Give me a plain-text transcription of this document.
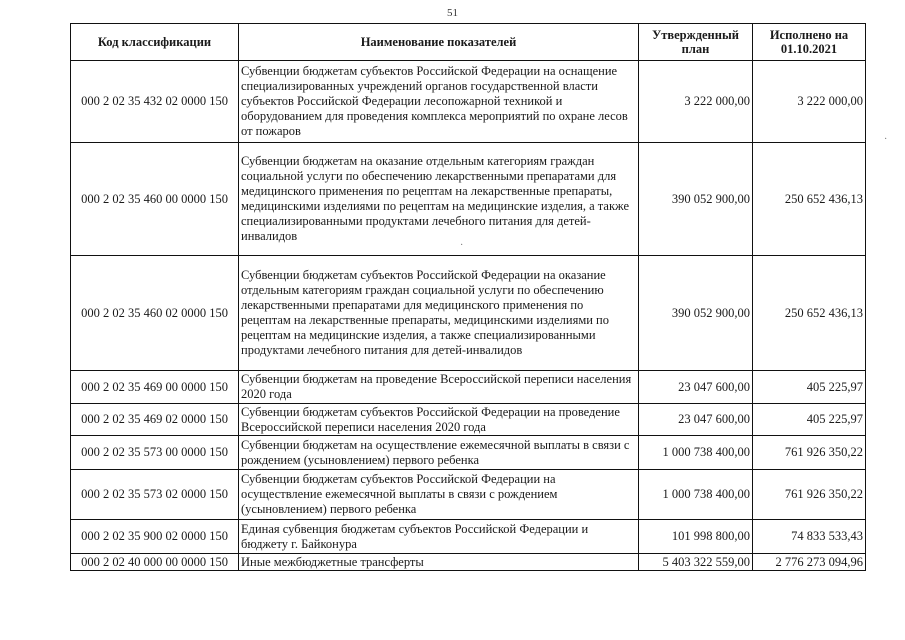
51
Код классификации	Наименование показателей	Утвержденный план	Исполнено на 01.10.2021
000 2 02 35 432 02 0000 150	Субвенции бюджетам субъектов Российской Федерации на оснащение специализированных учреждений органов государственной власти субъектов Российской Федерации лесопожарной техникой и оборудованием для проведения комплекса мероприятий по охране лесов от пожаров	3 222 000,00	3 222 000,00
000 2 02 35 460 00 0000 150	Субвенции бюджетам на оказание отдельным категориям граждан социальной услуги по обеспечению лекарственными препаратами для медицинского применения по рецептам на лекарственные препараты, медицинскими изделиями по рецептам на медицинские изделия, а также специализированными продуктами лечебного питания для детей-инвалидов	390 052 900,00	250 652 436,13
000 2 02 35 460 02 0000 150	Субвенции бюджетам субъектов Российской Федерации на оказание отдельным категориям граждан социальной услуги по обеспечению лекарственными препаратами для медицинского применения по рецептам на лекарственные препараты, медицинскими изделиями по рецептам на медицинские изделия, а также специализированными продуктами лечебного питания для детей-инвалидов	390 052 900,00	250 652 436,13
000 2 02 35 469 00 0000 150	Субвенции бюджетам на проведение Всероссийской переписи населения 2020 года	23 047 600,00	405 225,97
000 2 02 35 469 02 0000 150	Субвенции бюджетам субъектов Российской Федерации на проведение Всероссийской переписи населения 2020 года	23 047 600,00	405 225,97
000 2 02 35 573 00 0000 150	Субвенции бюджетам на осуществление ежемесячной выплаты в связи с рождением (усыновлением) первого ребенка	1 000 738 400,00	761 926 350,22
000 2 02 35 573 02 0000 150	Субвенции бюджетам субъектов Российской Федерации на осуществление ежемесячной выплаты в связи с рождением (усыновлением) первого ребенка	1 000 738 400,00	761 926 350,22
000 2 02 35 900 02 0000 150	Единая субвенция бюджетам субъектов Российской Федерации и бюджету г. Байконура	101 998 800,00	74 833 533,43
000 2 02 40 000 00 0000 150	Иные межбюджетные трансферты	5 403 322 559,00	2 776 273 094,96
·
·
